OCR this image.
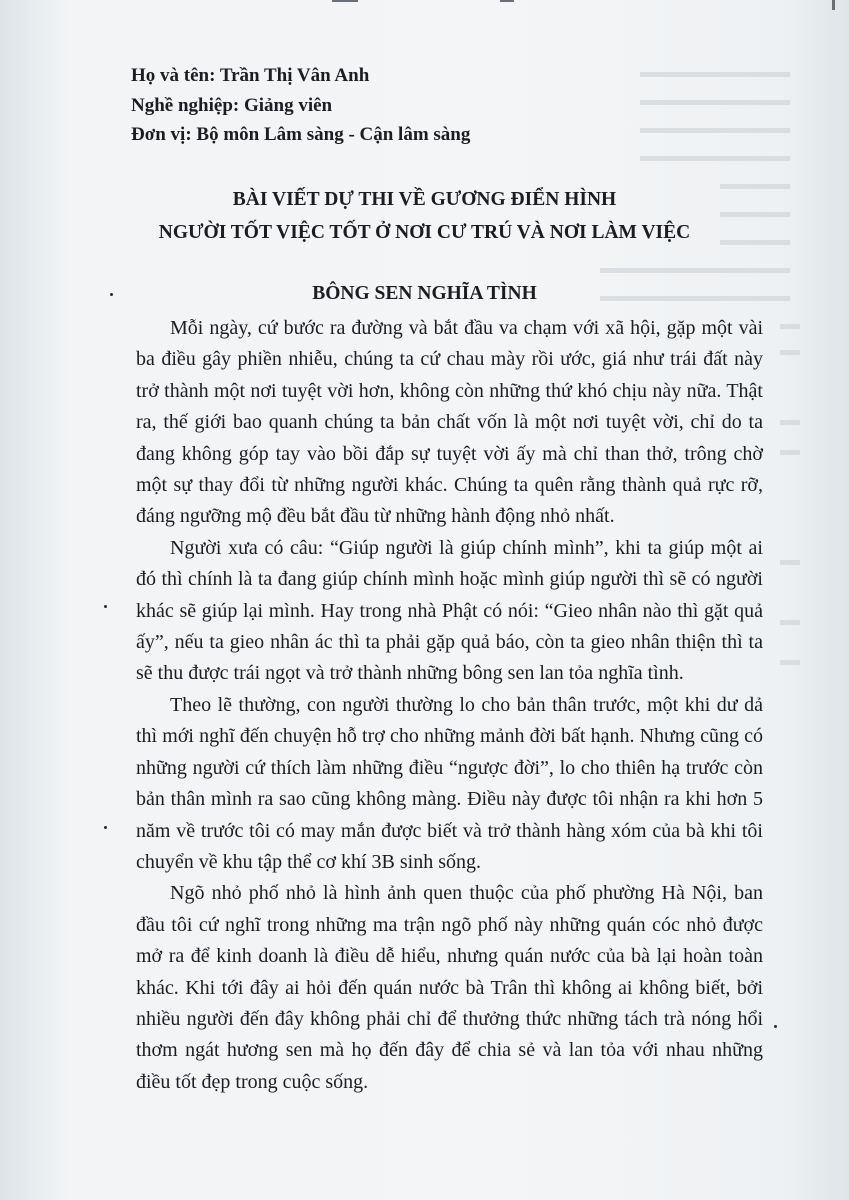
Họ và tên: Trần Thị Vân Anh
Nghề nghiệp: Giảng viên
Đơn vị: Bộ môn Lâm sàng - Cận lâm sàng
BÀI VIẾT DỰ THI VỀ GƯƠNG ĐIỂN HÌNH
NGƯỜI TỐT VIỆC TỐT Ở NƠI CƯ TRÚ VÀ NƠI LÀM VIỆC
BÔNG SEN NGHĨA TÌNH

Mỗi ngày, cứ bước ra đường và bắt đầu va chạm với xã hội, gặp một vài ba điều gây phiền nhiễu, chúng ta cứ chau mày rồi ước, giá như trái đất này trở thành một nơi tuyệt vời hơn, không còn những thứ khó chịu này nữa. Thật ra, thế giới bao quanh chúng ta bản chất vốn là một nơi tuyệt vời, chỉ do ta đang không góp tay vào bồi đắp sự tuyệt vời ấy mà chỉ than thở, trông chờ một sự thay đổi từ những người khác. Chúng ta quên rằng thành quả rực rỡ, đáng ngưỡng mộ đều bắt đầu từ những hành động nhỏ nhất.

Người xưa có câu: “Giúp người là giúp chính mình”, khi ta giúp một ai đó thì chính là ta đang giúp chính mình hoặc mình giúp người thì sẽ có người khác sẽ giúp lại mình. Hay trong nhà Phật có nói: “Gieo nhân nào thì gặt quả ấy”, nếu ta gieo nhân ác thì ta phải gặp quả báo, còn ta gieo nhân thiện thì ta sẽ thu được trái ngọt và trở thành những bông sen lan tỏa nghĩa tình.

Theo lẽ thường, con người thường lo cho bản thân trước, một khi dư dả thì mới nghĩ đến chuyện hỗ trợ cho những mảnh đời bất hạnh. Nhưng cũng có những người cứ thích làm những điều “ngược đời”, lo cho thiên hạ trước còn bản thân mình ra sao cũng không màng. Điều này được tôi nhận ra khi hơn 5 năm về trước tôi có may mắn được biết và trở thành hàng xóm của bà khi tôi chuyển về khu tập thể cơ khí 3B sinh sống.

Ngõ nhỏ phố nhỏ là hình ảnh quen thuộc của phố phường Hà Nội, ban đầu tôi cứ nghĩ trong những ma trận ngõ phố này những quán cóc nhỏ được mở ra để kinh doanh là điều dễ hiểu, nhưng quán nước của bà lại hoàn toàn khác. Khi tới đây ai hỏi đến quán nước bà Trân thì không ai không biết, bởi nhiều người đến đây không phải chỉ để thưởng thức những tách trà nóng hổi thơm ngát hương sen mà họ đến đây để chia sẻ và lan tỏa với nhau những điều tốt đẹp trong cuộc sống.
